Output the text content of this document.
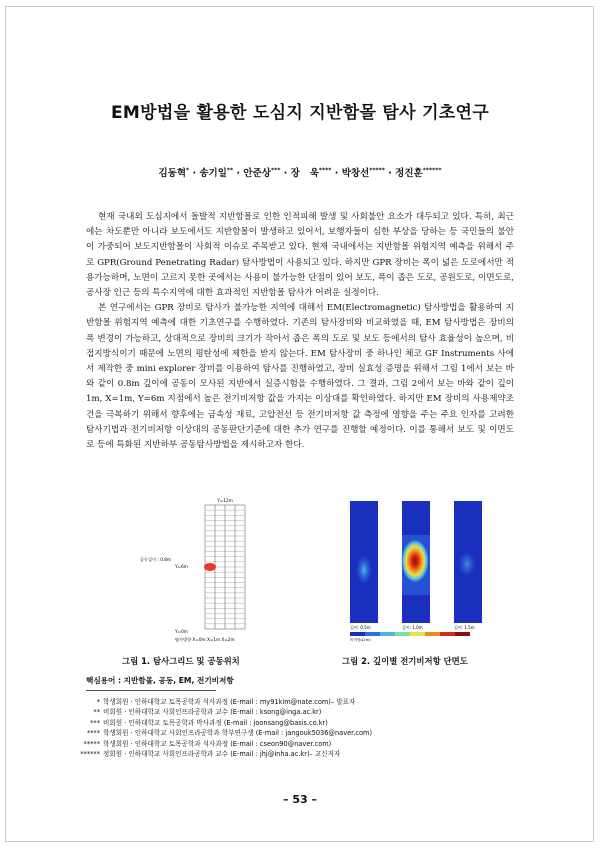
EM방법을 활용한 도심지 지반함몰 탐사 기초연구
김동혁* · 송기일** · 안준상*** · 장   욱**** · 박창선***** · 정진훈******

현재 국내외 도심지에서 돌발적 지반함몰로 인한 인적피해 발생 및 사회불안 요소가 대두되고 있다. 특히, 최근에는 차도뿐만 아니라 보도에서도 지반함몰이 발생하고 있어서, 보행자들이 심한 부상을 당하는 등 국민들의 불안이 가중되어 보도지반함몰이 사회적 이슈로 주목받고 있다. 현재 국내에서는 지반함몰 위험지역 예측을 위해서 주로 GPR(Ground Penetrating Radar) 탐사방법이 사용되고 있다. 하지만 GPR 장비는 폭이 넓은 도로에서만 적용가능하며, 노면이 고르지 못한 곳에서는 사용이 불가능한 단점이 있어 보도, 폭이 좁은 도로, 공원도로, 이면도로, 공사장 인근 등의 특수지역에 대한 효과적인 지반함몰 탐사가 어려운 실정이다.

본 연구에서는 GPR 장비로 탐사가 불가능한 지역에 대해서 EM(Electromagnetic) 탐사방법을 활용하여 지반함몰 위험지역 예측에 대한 기초연구를 수행하였다. 기존의 탐사장비와 비교하였을 때, EM 탐사방법은 장비의 폭 변경이 가능하고, 상대적으로 장비의 크기가 작아서 좁은 폭의 도로 및 보도 등에서의 탐사 효율성이 높으며, 비접지방식이기 때문에 노면의 평탄성에 제한을 받지 않는다. EM 탐사장비 중 하나인 체코 GF Instruments 사에서 제작한 중 mini explorer 장비를 이용하여 탐사를 진행하였고, 장비 실효성 증명을 위해서 그림 1에서 보는 바와 같이 0.8m 깊이에 공동이 모사된 지반에서 실증시험을 수행하였다. 그 결과, 그림 2에서 보는 바와 같이 깊이 1m, X=1m, Y=6m 지점에서 높은 전기비저항 값을 가지는 이상대를 확인하였다. 하지만 EM 장비의 사용제약조건을 극복하기 위해서 향후에는 금속성 재료, 고압전선 등 전기비저항 값 측정에 영향을 주는 주요 인자를 고려한 탐사기법과 전기비저항 이상대의 공동판단기준에 대한 추가 연구를 진행할 예정이다. 이를 통해서 보도 및 이면도로 등에 특화된 지반하부 공동탐사방법을 제시하고자 한다.

Y=12m
공동깊이 : 0.8m
Y=6m
Y=0m
탐사방향 X=0m X=1m X=2m
깊이: 0.5m	깊이: 1.0m	깊이: 1.5m
비저항(Ω·m)
그림 1. 탐사그리드 및 공동위치	그림 2. 깊이별 전기비저항 단면도
핵심용어 : 지반함몰, 공동, EM, 전기비저항
* 학생회원 · 인하대학교 토목공학과 석사과정 (E-mail : my91kim@nate.com)– 발표자
** 비회원 · 인하대학교 사회인프라공학과 교수 (E-mail : ksong@inga.ac.kr)
*** 비회원 · 인하대학교 토목공학과 박사과정 (E-mail : joonsang@basis.co.kr)
**** 학생회원 · 인하대학교 사회인프라공학과 학부연구생 (E-mail : jangouk5036@naver.com)
***** 학생회원 · 인하대학교 토목공학과 석사과정 (E-mail : cseon90@naver.com)
****** 정회원 · 인하대학교 사회인프라공학과 교수 (E-mail : jhj@inha.ac.kr)– 교신저자
– 53 –
